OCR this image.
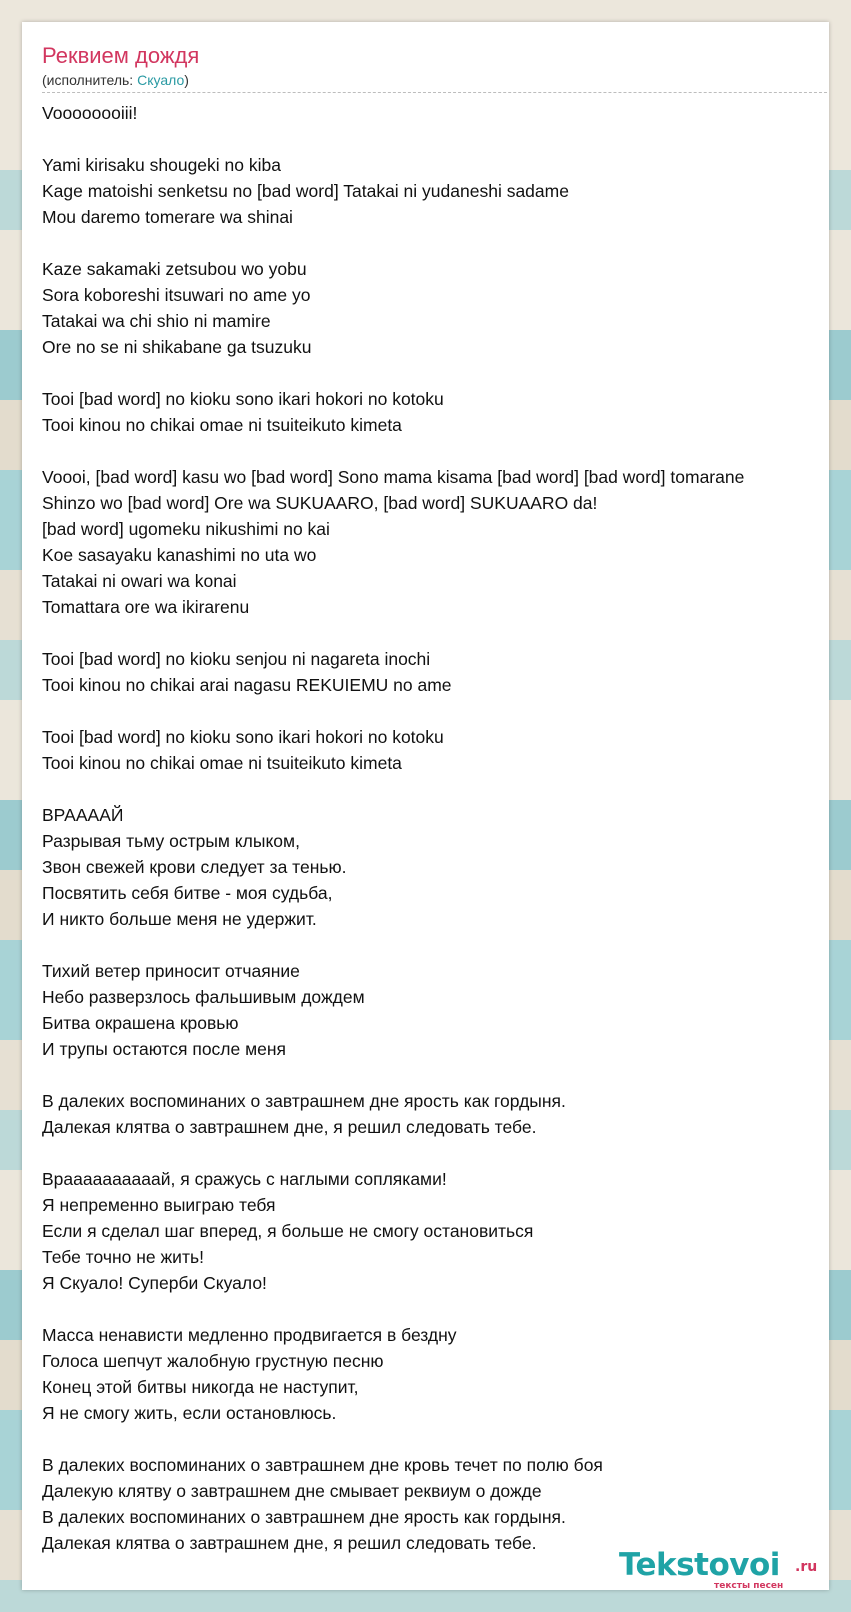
Реквием дождя
(исполнитель: Скуало)
Voooooooiii!
Yami kirisaku shougeki no kiba
Kage matoishi senketsu no [bad word] Tatakai ni yudaneshi sadame
Mou daremo tomerare wa shinai
Kaze sakamaki zetsubou wo yobu
Sora koboreshi itsuwari no ame yo
Tatakai wa chi shio ni mamire
Ore no se ni shikabane ga tsuzuku
Tooi [bad word] no kioku sono ikari hokori no kotoku
Tooi kinou no chikai omae ni tsuiteikuto kimeta
Voooi, [bad word] kasu wo [bad word] Sono mama kisama [bad word] [bad word] tomarane
Shinzo wo [bad word] Ore wa SUKUAARO, [bad word] SUKUAARO da!
[bad word] ugomeku nikushimi no kai
Koe sasayaku kanashimi no uta wo
Tatakai ni owari wa konai
Tomattara ore wa ikirarenu
Tooi [bad word] no kioku senjou ni nagareta inochi
Tooi kinou no chikai arai nagasu REKUIEMU no ame
Tooi [bad word] no kioku sono ikari hokori no kotoku
Tooi kinou no chikai omae ni tsuiteikuto kimeta
ВРААААЙ
Разрывая тьму острым клыком,
Звон свежей крови следует за тенью.
Посвятить себя битве - моя судьба,
И никто больше меня не удержит.
Тихий ветер приносит отчаяние
Небо разверзлось фальшивым дождем
Битва окрашена кровью
И трупы остаются после меня
В далеких воспоминаних о завтрашнем дне ярость как гордыня.
Далекая клятва о завтрашнем дне, я решил следовать тебе.
Враааааааааай, я сражусь с наглыми сопляками!
Я непременно выиграю тебя
Если я сделал шаг вперед, я больше не смогу остановиться
Тебе точно не жить!
Я Скуало! Суперби Скуало!
Масса ненависти медленно продвигается в бездну
Голоса шепчут жалобную грустную песню
Конец этой битвы никогда не наступит,
Я не смогу жить, если остановлюсь.
В далеких воспоминаних о завтрашнем дне кровь течет по полю боя
Далекую клятву о завтрашнем дне смывает реквиум о дожде
В далеких воспоминаних о завтрашнем дне ярость как гордыня.
Далекая клятва о завтрашнем дне, я решил следовать тебе.
Tekstovoi .ru
тексты песен
